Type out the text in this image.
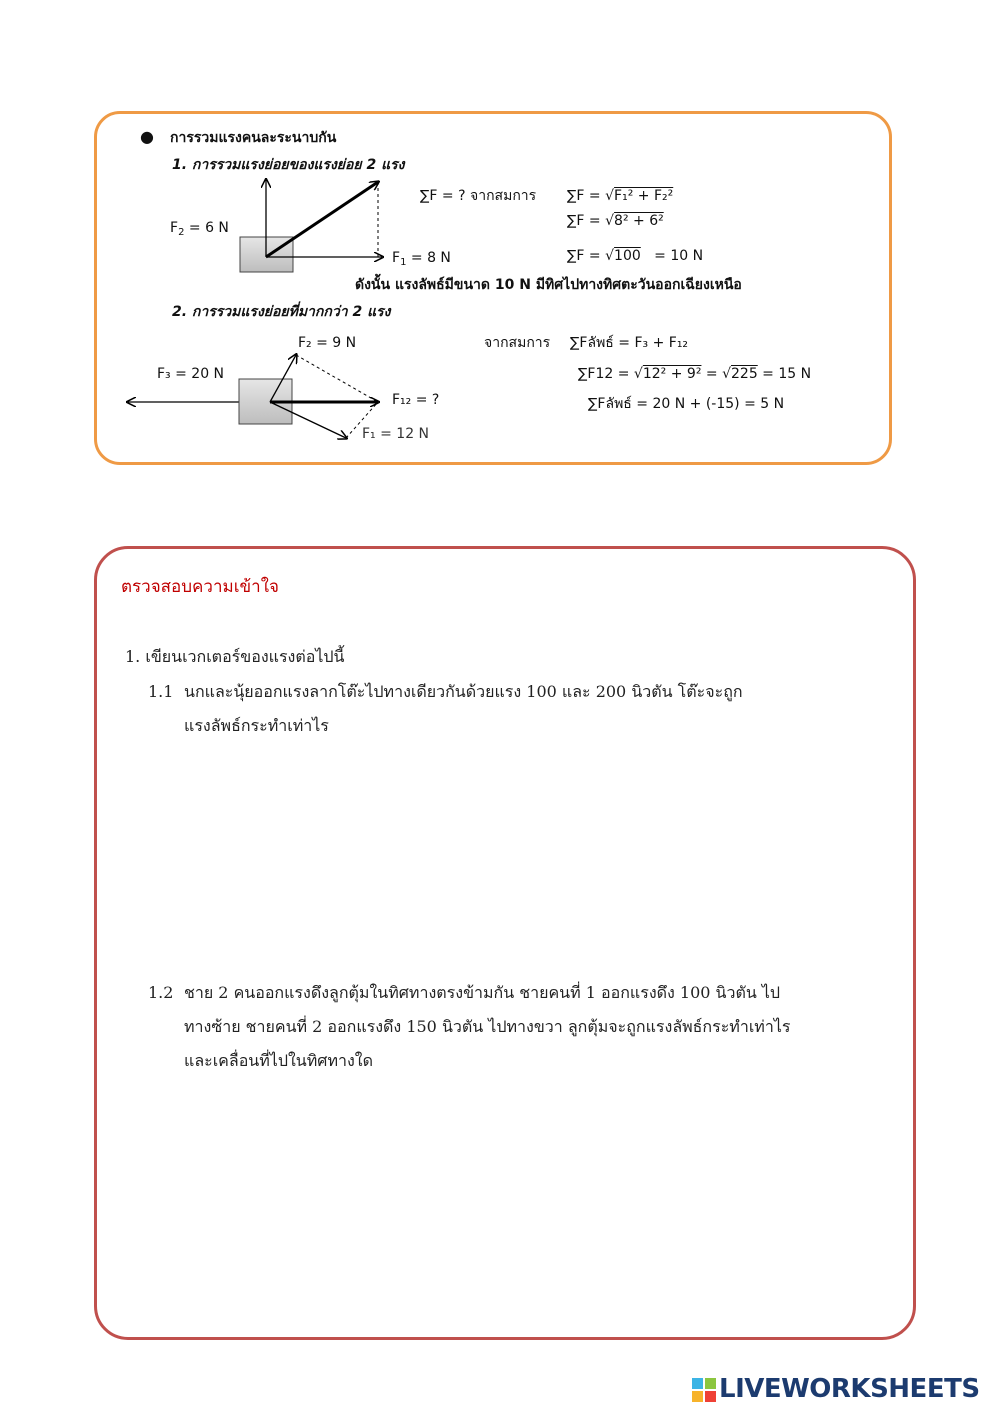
● การรวมแรงคนละระนาบกัน
1. การรวมแรงย่อยของแรงย่อย 2 แรง
$F_2 = 6$ N
$F_1 = 8$ N
∑F = ? จากสมการ ∑F = √F₁² + F₂²
∑F = √8² + 6²
∑F = √100 = 10 N
ดังนั้น แรงลัพธ์มีขนาด 10 N มีทิศไปทางทิศตะวันออกเฉียงเหนือ
2. การรวมแรงย่อยที่มากกว่า 2 แรง
F₂ = 9 N
F₃ = 20 N
F₁₂ = ?
F₁ = 12 N
จากสมการ ∑Fลัพธ์ = F₃ + F₁₂
∑F12 = √12² + 9² = √225 = 15 N
∑Fลัพธ์ = 20 N + (-15) = 5 N
ตรวจสอบความเข้าใจ
1. เขียนเวกเตอร์ของแรงต่อไปนี้
1.1 นกและนุ้ยออกแรงลากโต๊ะไปทางเดียวกันด้วยแรง 100 และ 200 นิวตัน โต๊ะจะถูก
แรงลัพธ์กระทำเท่าไร
1.2 ชาย 2 คนออกแรงดึงลูกตุ้มในทิศทางตรงข้ามกัน ชายคนที่ 1 ออกแรงดึง 100 นิวตัน ไป
ทางซ้าย ชายคนที่ 2 ออกแรงดึง 150 นิวตัน ไปทางขวา ลูกตุ้มจะถูกแรงลัพธ์กระทำเท่าไร
และเคลื่อนที่ไปในทิศทางใด
LIVEWORKSHEETS
